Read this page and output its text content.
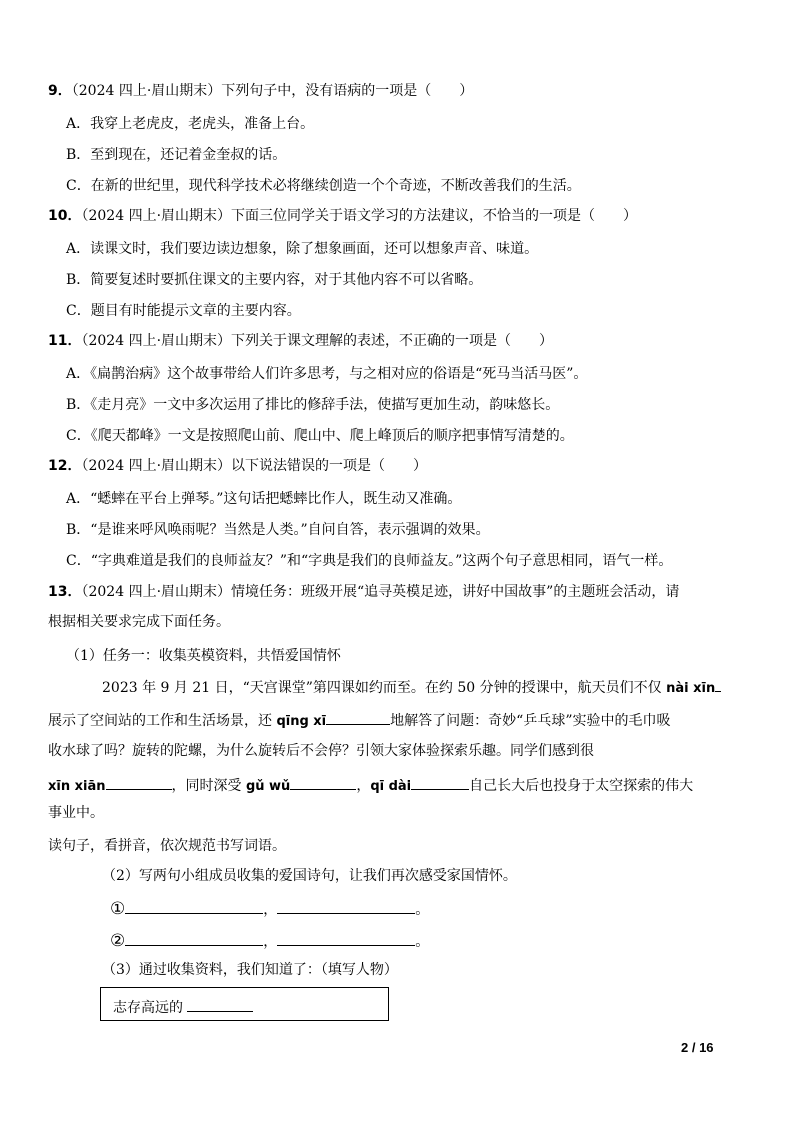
9．（2024 四上·眉山期末）下列句子中，没有语病的一项是（　　）
A．我穿上老虎皮，老虎头，准备上台。
B．至到现在，还记着金奎叔的话。
C．在新的世纪里，现代科学技术必将继续创造一个个奇迹，不断改善我们的生活。
10．（2024 四上·眉山期末）下面三位同学关于语文学习的方法建议，不恰当的一项是（　　）
A．读课文时，我们要边读边想象，除了想象画面，还可以想象声音、味道。
B．简要复述时要抓住课文的主要内容，对于其他内容不可以省略。
C．题目有时能提示文章的主要内容。
11．（2024 四上·眉山期末）下列关于课文理解的表述，不正确的一项是（　　）
A．《扁鹊治病》这个故事带给人们许多思考，与之相对应的俗语是“死马当活马医”。
B．《走月亮》一文中多次运用了排比的修辞手法，使描写更加生动，韵味悠长。
C．《爬天都峰》一文是按照爬山前、爬山中、爬上峰顶后的顺序把事情写清楚的。
12．（2024 四上·眉山期末）以下说法错误的一项是（　　）
A．“蟋蟀在平台上弹琴。”这句话把蟋蟀比作人，既生动又准确。
B．“是谁来呼风唤雨呢？当然是人类。”自问自答，表示强调的效果。
C．“字典难道是我们的良师益友？”和“字典是我们的良师益友。”这两个句子意思相同，语气一样。
13．（2024 四上·眉山期末）情境任务：班级开展“追寻英模足迹，讲好中国故事”的主题班会活动，请
根据相关要求完成下面任务。
（1）任务一：收集英模资料，共悟爱国情怀
2023 年 9 月 21 日，“天宫课堂”第四课如约而至。在约 50 分钟的授课中，航天员们不仅 nài xīn
展示了空间站的工作和生活场景，还 qīng xī	地解答了问题：奇妙“乒乓球”实验中的毛巾吸
收水球了吗？旋转的陀螺，为什么旋转后不会停？引领大家体验探索乐趣。同学们感到很
xīn xiān	，同时深受 gǔ wǔ	，qī dài	自己长大后也投身于太空探索的伟大
事业中。
读句子，看拼音，依次规范书写词语。
（2）写两句小组成员收集的爱国诗句，让我们再次感受家国情怀。
①	，	。
②	，	。
（3）通过收集资料，我们知道了：（填写人物）
志存高远的
2 / 16
